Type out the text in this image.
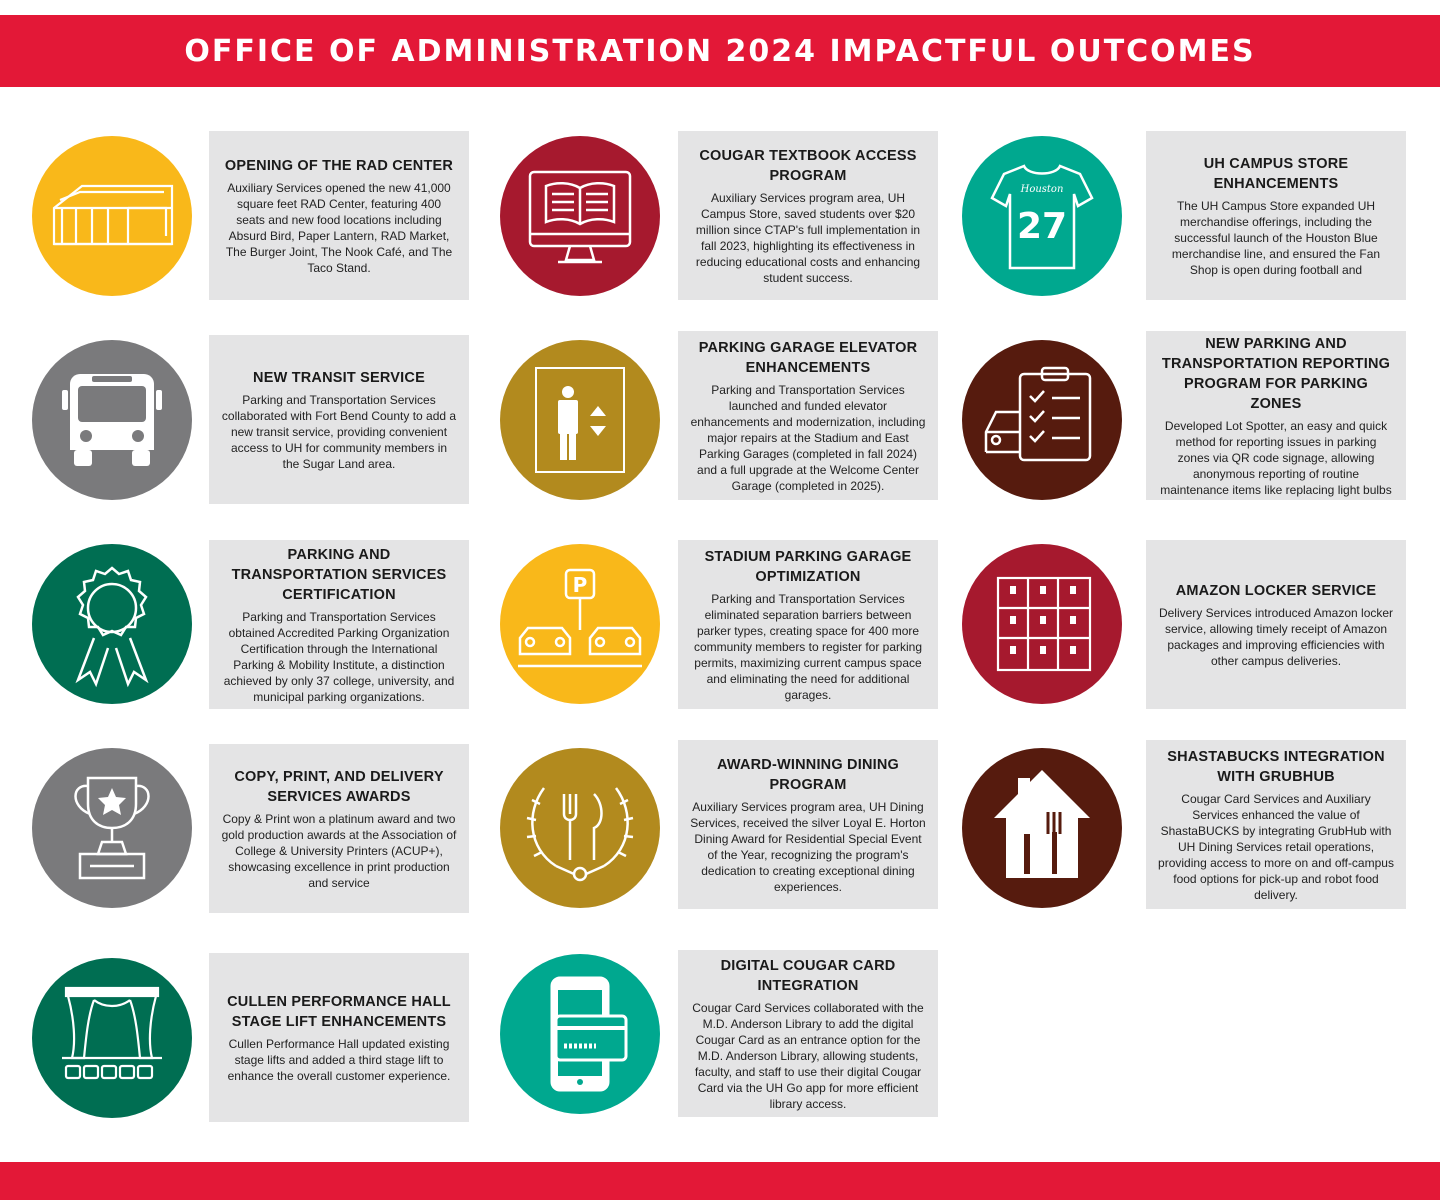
OFFICE OF ADMINISTRATION 2024 IMPACTFUL OUTCOMES
OPENING OF THE RAD CENTER

Auxiliary Services opened the new 41,000 square feet RAD Center, featuring 400 seats and new food locations including Absurd Bird, Paper Lantern, RAD Market, The Burger Joint, The Nook Café, and The Taco Stand.

COUGAR TEXTBOOK ACCESS PROGRAM

Auxiliary Services program area, UH Campus Store, saved students over $20 million since CTAP's full implementation in fall 2023, highlighting its effectiveness in reducing educational costs and enhancing student success.

Houston
27
UH CAMPUS STORE ENHANCEMENTS

The UH Campus Store expanded UH merchandise offerings, including the successful launch of the Houston Blue merchandise line, and ensured the Fan Shop is open during football and

NEW TRANSIT SERVICE

Parking and Transportation Services collaborated with Fort Bend County to add a new transit service, providing convenient access to UH for community members in the Sugar Land area.

PARKING GARAGE ELEVATOR ENHANCEMENTS

Parking and Transportation Services launched and funded elevator enhancements and modernization, including major repairs at the Stadium and East Parking Garages (completed in fall 2024) and a full upgrade at the Welcome Center Garage (completed in 2025).

NEW PARKING AND TRANSPORTATION REPORTING PROGRAM FOR PARKING ZONES

Developed Lot Spotter, an easy and quick method for reporting issues in parking zones via QR code signage, allowing anonymous reporting of routine maintenance items like replacing light bulbs

PARKING AND TRANSPORTATION SERVICES CERTIFICATION

Parking and Transportation Services obtained Accredited Parking Organization Certification through the International Parking & Mobility Institute, a distinction achieved by only 37 college, university, and municipal parking organizations.

P
STADIUM PARKING GARAGE OPTIMIZATION

Parking and Transportation Services eliminated separation barriers between parker types, creating space for 400 more community members to register for parking permits, maximizing current campus space and eliminating the need for additional garages.

AMAZON LOCKER SERVICE

Delivery Services introduced Amazon locker service, allowing timely receipt of Amazon packages and improving efficiencies with other campus deliveries.

COPY, PRINT, AND DELIVERY SERVICES AWARDS

Copy & Print won a platinum award and two gold production awards at the Association of College & University Printers (ACUP+), showcasing excellence in print production and service

AWARD-WINNING DINING PROGRAM

Auxiliary Services program area, UH Dining Services, received the silver Loyal E. Horton Dining Award for Residential Special Event of the Year, recognizing the program's dedication to creating exceptional dining experiences.

SHASTABUCKS INTEGRATION WITH GRUBHUB

Cougar Card Services and Auxiliary Services enhanced the value of ShastaBUCKS by integrating GrubHub with UH Dining Services retail operations, providing access to more on and off-campus food options for pick-up and robot food delivery.

CULLEN PERFORMANCE HALL STAGE LIFT ENHANCEMENTS

Cullen Performance Hall updated existing stage lifts and added a third stage lift to enhance the overall customer experience.

DIGITAL COUGAR CARD INTEGRATION

Cougar Card Services collaborated with the M.D. Anderson Library to add the digital Cougar Card as an entrance option for the M.D. Anderson Library, allowing students, faculty, and staff to use their digital Cougar Card via the UH Go app for more efficient library access.
